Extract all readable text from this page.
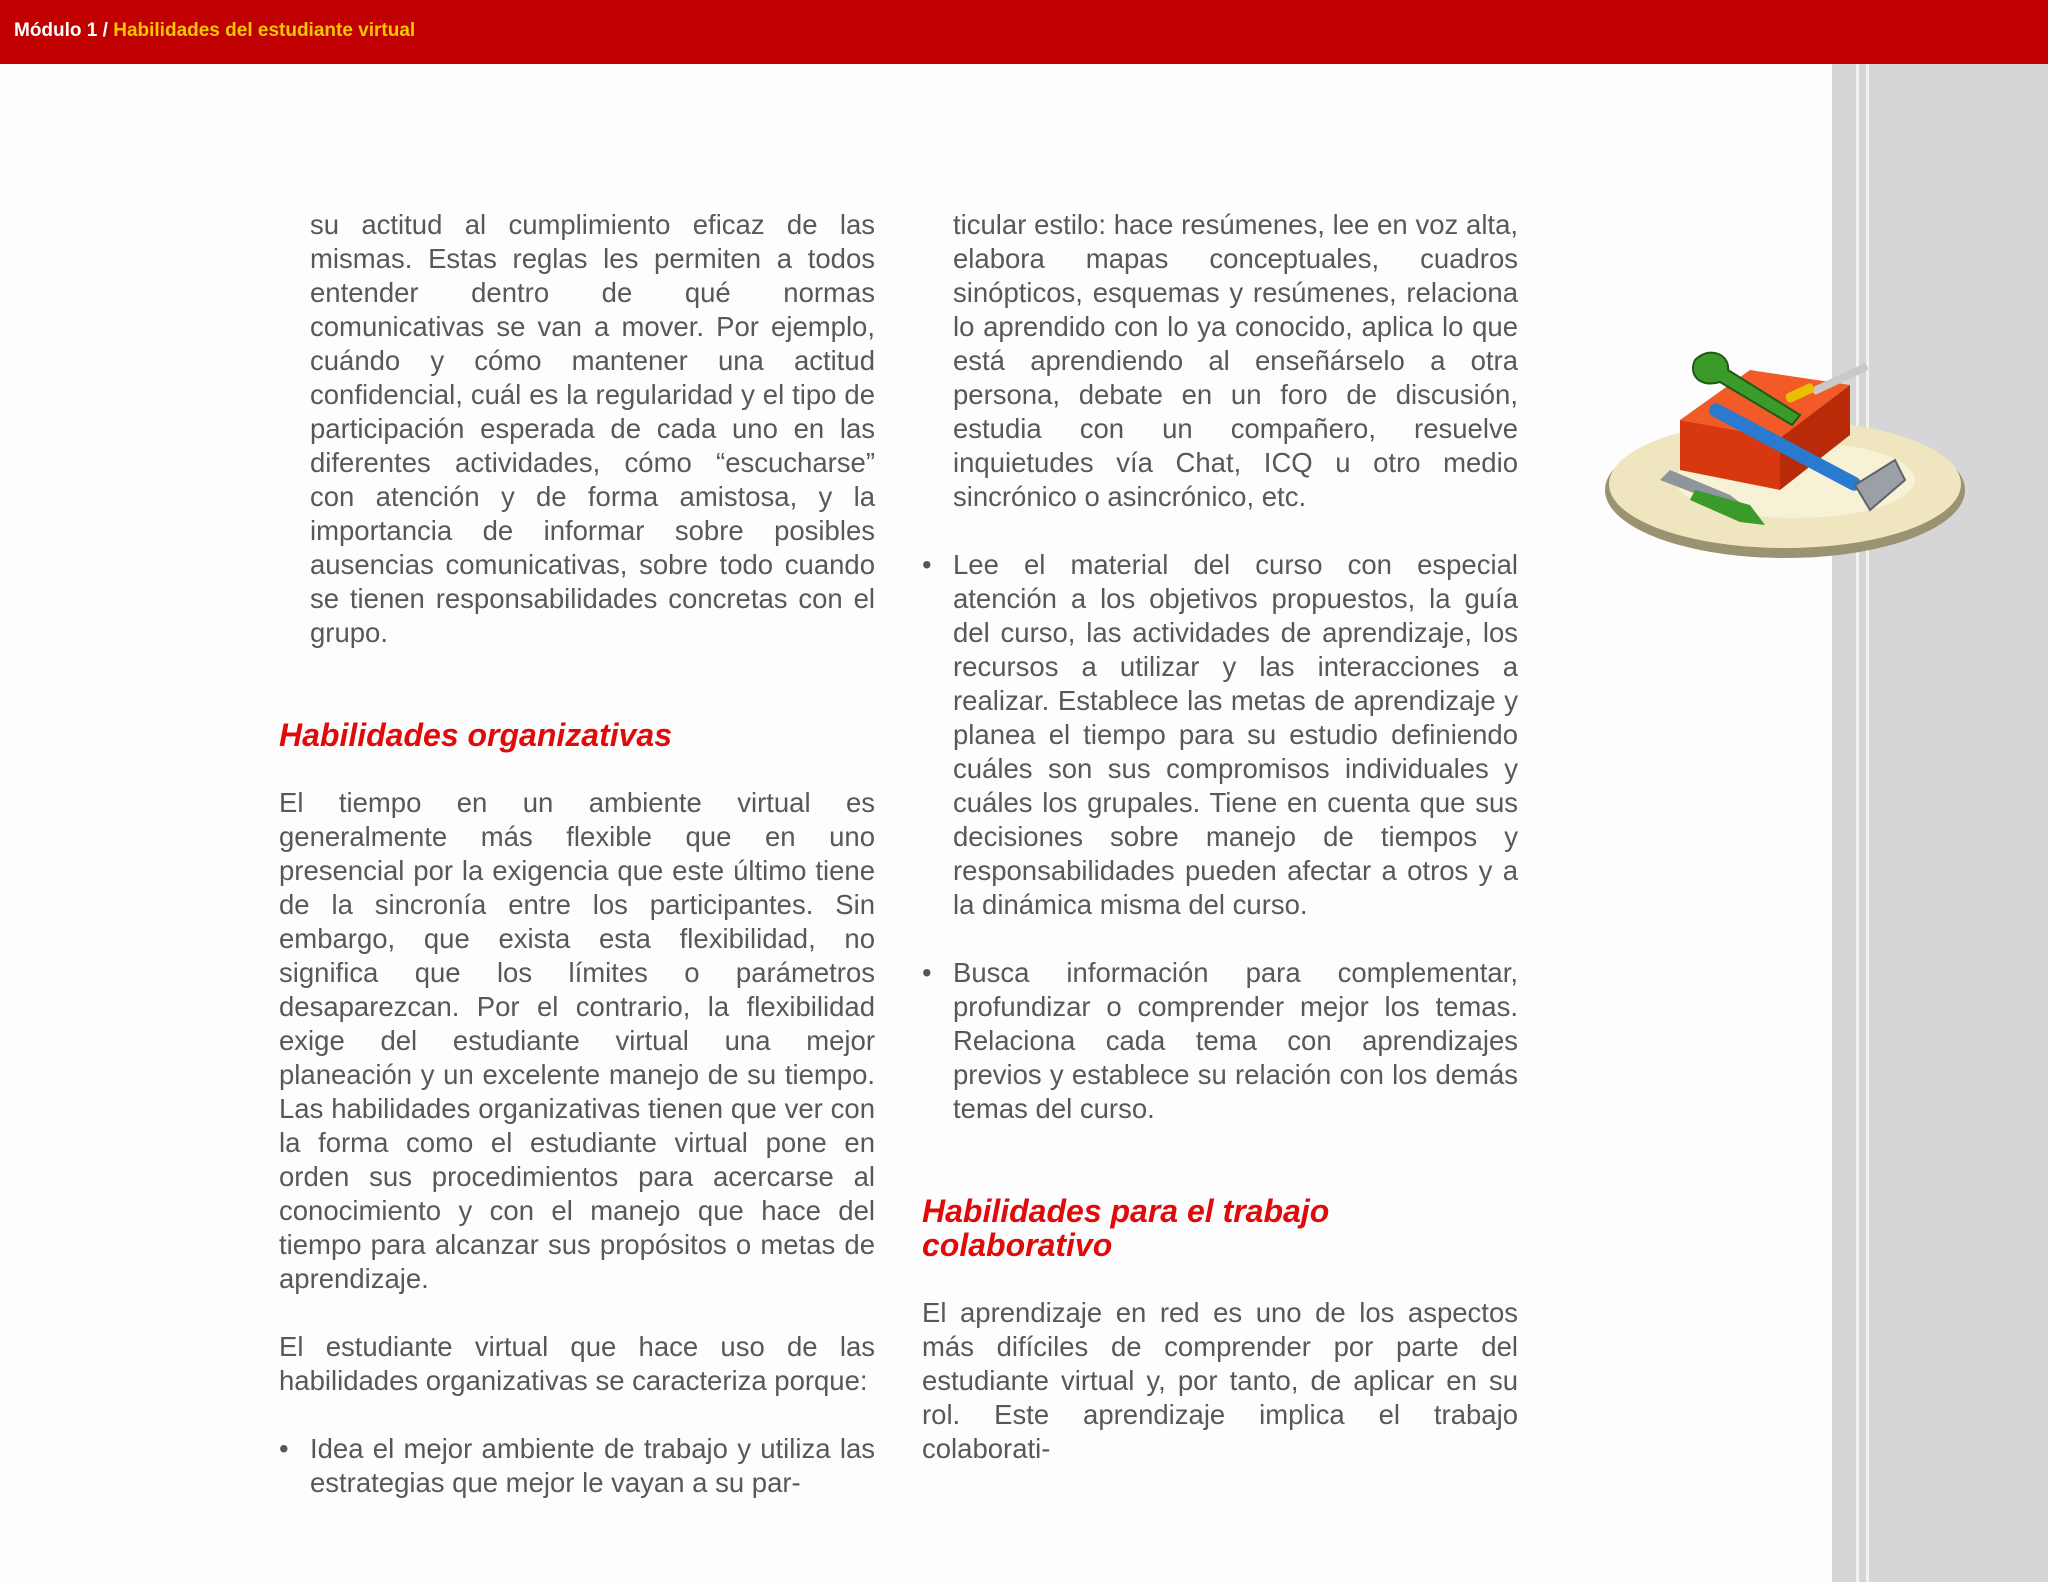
Módulo 1 / Habilidades del estudiante virtual

su actitud al cumplimiento eficaz de las mismas. Estas reglas les permiten a todos entender dentro de qué normas comunicativas se van a mover. Por ejemplo, cuándo y cómo mantener una actitud confidencial, cuál es la regularidad y el tipo de participación esperada de cada uno en las diferentes actividades, cómo “escucharse” con atención y de forma amistosa, y la importancia de informar sobre posibles ausencias comunicativas, sobre todo cuando se tienen responsabilidades concretas con el grupo.

Habilidades organizativas

El tiempo en un ambiente virtual es generalmente más flexible que en uno presencial por la exigencia que este último tiene de la sincronía entre los participantes. Sin embargo, que exista esta flexibilidad, no significa que los límites o parámetros desaparezcan. Por el contrario, la flexibilidad exige del estudiante virtual una mejor planeación y un excelente manejo de su tiempo. Las habilidades organizativas tienen que ver con la forma como el estudiante virtual pone en orden sus procedimientos para acercarse al conocimiento y con el manejo que hace del tiempo para alcanzar sus propósitos o metas de aprendizaje.

El estudiante virtual que hace uso de las habilidades organizativas se caracteriza porque:

• Idea el mejor ambiente de trabajo y utiliza las estrategias que mejor le vayan a su par-

ticular estilo: hace resúmenes, lee en voz alta, elabora mapas conceptuales, cuadros sinópticos, esquemas y resúmenes, relaciona lo aprendido con lo ya conocido, aplica lo que está aprendiendo al enseñárselo a otra persona, debate en un foro de discusión, estudia con un compañero, resuelve inquietudes vía Chat, ICQ u otro medio sincrónico o asincrónico, etc.

• Lee el material del curso con especial atención a los objetivos propuestos, la guía del curso, las actividades de aprendizaje, los recursos a utilizar y las interacciones a realizar. Establece las metas de aprendizaje y planea el tiempo para su estudio definiendo cuáles son sus compromisos individuales y cuáles los grupales. Tiene en cuenta que sus decisiones sobre manejo de tiempos y responsabilidades pueden afectar a otros y a la dinámica misma del curso.
• Busca información para complementar, profundizar o comprender mejor los temas. Relaciona cada tema con aprendizajes previos y establece su relación con los demás temas del curso.
Habilidades para el trabajo colaborativo

El aprendizaje en red es uno de los aspectos más difíciles de comprender por parte del estudiante virtual y, por tanto, de aplicar en su rol. Este aprendizaje implica el trabajo colaborati-
